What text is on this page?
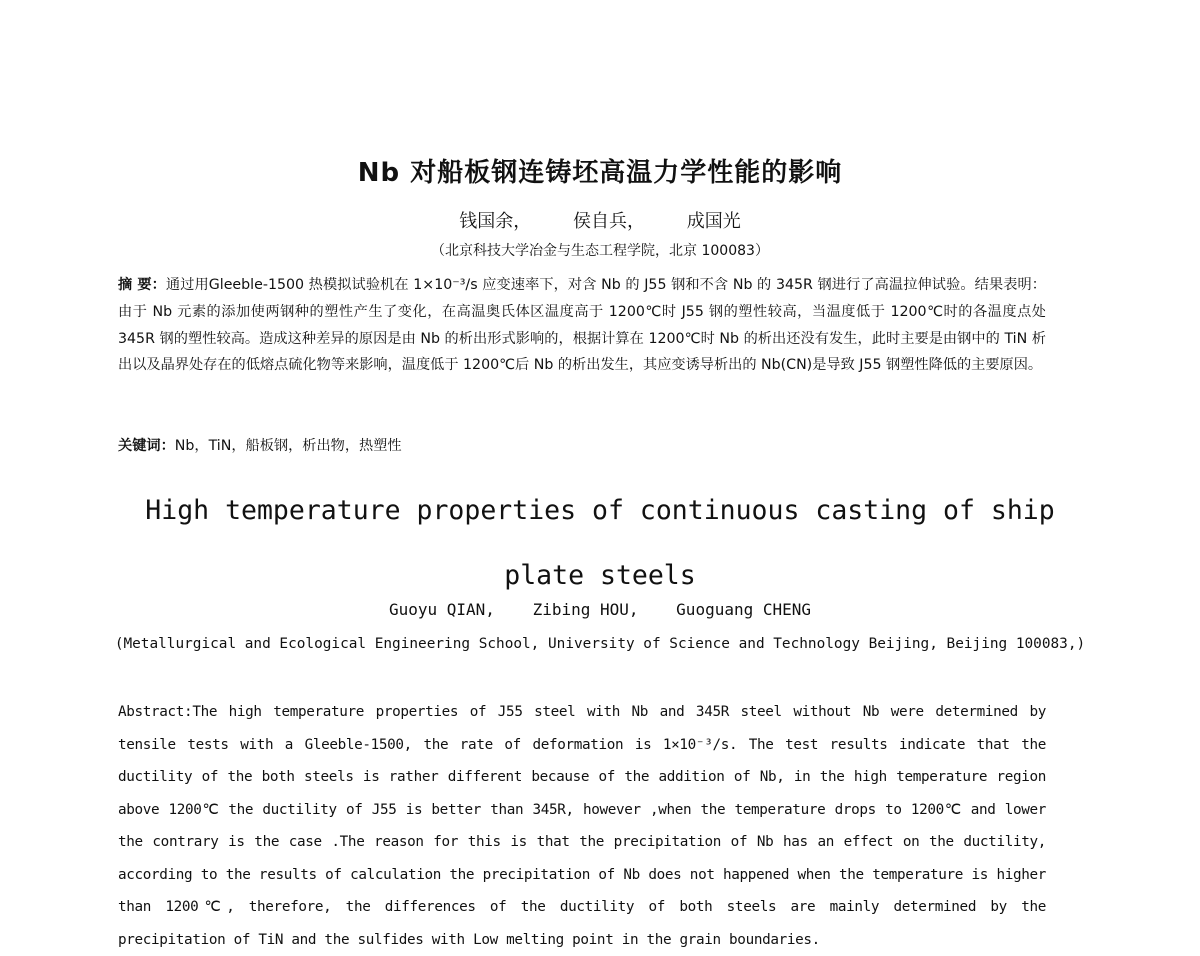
Nb 对船板钢连铸坯高温力学性能的影响
钱国余， 侯自兵， 成国光
（北京科技大学冶金与生态工程学院，北京 100083）
摘 要：通过用Gleeble-1500 热模拟试验机在 1×10⁻³/s 应变速率下，对含 Nb 的 J55 钢和不含 Nb 的 345R 钢进行了高温拉伸试验。结果表明：由于 Nb 元素的添加使两钢种的塑性产生了变化，在高温奥氏体区温度高于 1200℃时 J55 钢的塑性较高，当温度低于 1200℃时的各温度点处 345R 钢的塑性较高。造成这种差异的原因是由 Nb 的析出形式影响的，根据计算在 1200℃时 Nb 的析出还没有发生，此时主要是由钢中的 TiN 析出以及晶界处存在的低熔点硫化物等来影响，温度低于 1200℃后 Nb 的析出发生，其应变诱导析出的 Nb(CN)是导致 J55 钢塑性降低的主要原因。
关键词：Nb，TiN，船板钢，析出物，热塑性
High temperature properties of continuous casting of ship plate steels
Guoyu QIAN, Zibing HOU, Guoguang CHENG
(Metallurgical and Ecological Engineering School, University of Science and Technology Beijing, Beijing 100083,)
Abstract:The high temperature properties of J55 steel with Nb and 345R steel without Nb were determined by tensile tests with a Gleeble-1500, the rate of deformation is 1×10⁻³/s. The test results indicate that the ductility of the both steels is rather different because of the addition of Nb, in the high temperature region above 1200℃ the ductility of J55 is better than 345R, however ,when the temperature drops to 1200℃ and lower the contrary is the case .The reason for this is that the precipitation of Nb has an effect on the ductility, according to the results of calculation the precipitation of Nb does not happened when the temperature is higher than 1200℃, therefore, the differences of the ductility of both steels are mainly determined by the precipitation of TiN and the sulfides with Low melting point in the grain boundaries.
